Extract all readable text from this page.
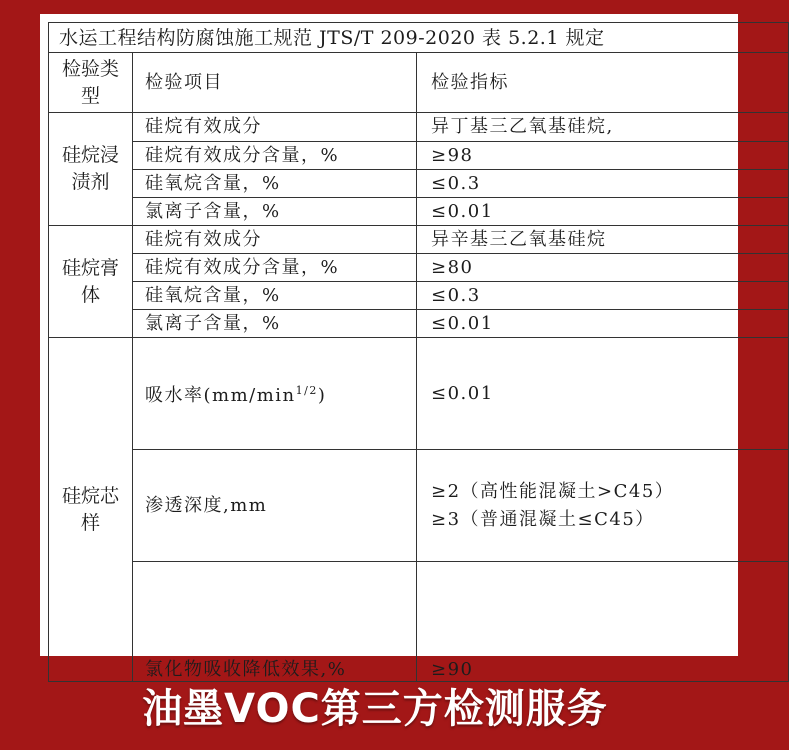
水运工程结构防腐蚀施工规范 JTS/T 209-2020 表 5.2.1 规定		
检验类型	检验项目	检验指标
硅烷浸渍剂	硅烷有效成分	异丁基三乙氧基硅烷,
	硅烷有效成分含量，%	≥98
	硅氧烷含量，%	≤0.3
	氯离子含量，%	≤0.01
硅烷膏体	硅烷有效成分	异辛基三乙氧基硅烷
	硅烷有效成分含量，%	≥80
	硅氧烷含量，%	≤0.3
	氯离子含量，%	≤0.01
硅烷芯样	吸水率$(mm/\min^{1/2})$	≤0.01
	渗透深度,mm	≥2（高性能混凝土>C45）
≥3（普通混凝土≤C45）

	氯化物吸收降低效果,%	≥90
油墨VOC第三方检测服务
